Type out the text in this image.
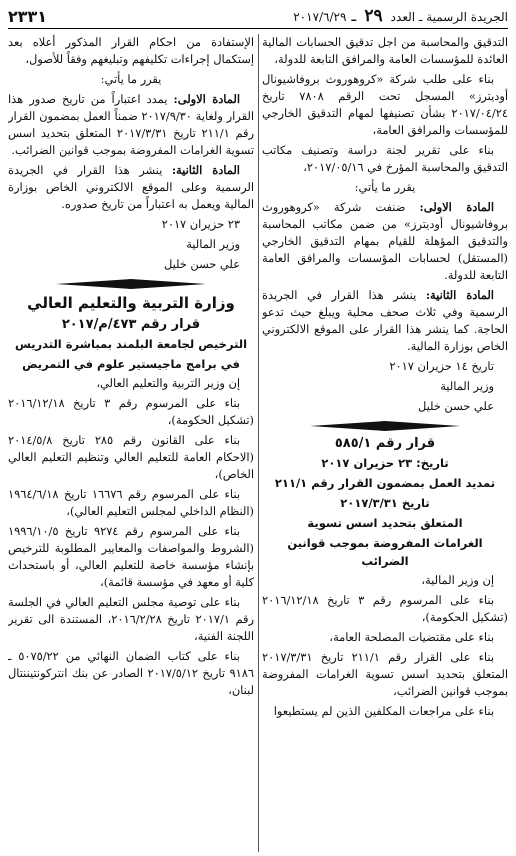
الجريدة الرسمية ـ العدد ٢٩ ـ ٢٠١٧/٦/٢٩
٢٣٣١

التدقيق والمحاسبة من اجل تدقيق الحسابات المالية العائدة للمؤسسات العامة والمرافق التابعة للدولة،

بناء على طلب شركة «كروهوروث بروفاشيونال أوديترز» المسجل تحت الرقم ٧٨٠٨ تاريخ ٢٠١٧/٠٤/٢٤ بشأن تصنيفها لمهام التدقيق الخارجي للمؤسسات والمرافق العامة،

بناء على تقرير لجنة دراسة وتصنيف مكاتب التدقيق والمحاسبة المؤرخ في ٢٠١٧/٠٥/١٦،

يقرر ما يأتي:

المادة الاولى: ضنفت شركة «كروهوروث بروفاشيونال أوديترز» من ضمن مكاتب المحاسبة والتدقيق المؤهلة للقيام بمهام التدقيق الخارجي (المستقل) لحسابات المؤسسات والمرافق العامة التابعة للدولة.

المادة الثانية: ينشر هذا القرار في الجريدة الرسمية وفي ثلاث صحف محلية ويبلغ حيث تدعو الحاجة. كما ينشر هذا القرار على الموقع الالكتروني الخاص بوزارة المالية.

تاريخ ١٤ حزيران ٢٠١٧

وزير المالية

علي حسن خليل

قرار رقم ٥٨٥/١

تاريخ: ٢٣ حزيران ٢٠١٧

تمديد العمل بمضمون القرار رقم ٢١١/١

تاريخ ٢٠١٧/٣/٣١

المتعلق بتحديد اسس تسوية

الغرامات المفروضة بموجب قوانين الضرائب

إن وزير المالية،

بناء على المرسوم رقم ٣ تاريخ ٢٠١٦/١٢/١٨ (تشكيل الحكومة)،

بناء على مقتضيات المصلحة العامة،

بناء على القرار رقم ٢١١/١ تاريخ ٢٠١٧/٣/٣١ المتعلق بتحديد اسس تسوية الغرامات المفروضة بموجب قوانين الضرائب،

بناء على مراجعات المكلفين الذين لم يستطيعوا

الإستفادة من احكام القرار المذكور أعلاه بعد إستكمال إجراءات تكليفهم وتبليغهم وفقاً للأصول،

يقرر ما يأتي:

المادة الاولى: يمدد اعتباراً من تاريخ صدور هذا القرار ولغاية ٢٠١٧/٩/٣٠ ضمناً العمل بمضمون القرار رقم ٢١١/١ تاريخ ٢٠١٧/٣/٣١ المتعلق بتحديد اسس تسوية الغرامات المفروضة بموجب قوانين الضرائب.

المادة الثانية: ينشر هذا القرار في الجريدة الرسمية وعلى الموقع الالكتروني الخاص بوزارة المالية ويعمل به اعتباراً من تاريخ صدوره.

٢٣ حزيران ٢٠١٧

وزير المالية

علي حسن خليل

وزارة التربية والتعليم العالي

قرار رقم ٤٧٣/م/٢٠١٧

الترخيص لجامعة البلمند بمباشرة التدريس

في برامج ماجيستير علوم في التمريض

إن وزير التربية والتعليم العالي،

بناء على المرسوم رقم ٣ تاريخ ٢٠١٦/١٢/١٨ (تشكيل الحكومة)،

بناء على القانون رقم ٢٨٥ تاريخ ٢٠١٤/٥/٨ (الاحكام العامة للتعليم العالي وتنظيم التعليم العالي الخاص)،

بناء على المرسوم رقم ١٦٦٧٦ تاريخ ١٩٦٤/٦/١٨ (النظام الداخلي لمجلس التعليم العالي)،

بناء على المرسوم رقم ٩٢٧٤ تاريخ ١٩٩٦/١٠/٥ (الشروط والمواصفات والمعايير المطلوبة للترخيص بإنشاء مؤسسة خاصة للتعليم العالي، أو باستحداث كلية أو معهد في مؤسسة قائمة)،

بناء على توصية مجلس التعليم العالي في الجلسة رقم ٢٠١٧/١ تاريخ ٢٠١٦/٢/٢٨، المستندة الى تقرير اللجنة الفنية،

بناء على كتاب الضمان النهائي من ٥٠٧٥/٢٢ ـ ٩١٨٦ تاريخ ٢٠١٧/٥/١٢ الصادر عن بنك انتركونتيننتال لبنان،
